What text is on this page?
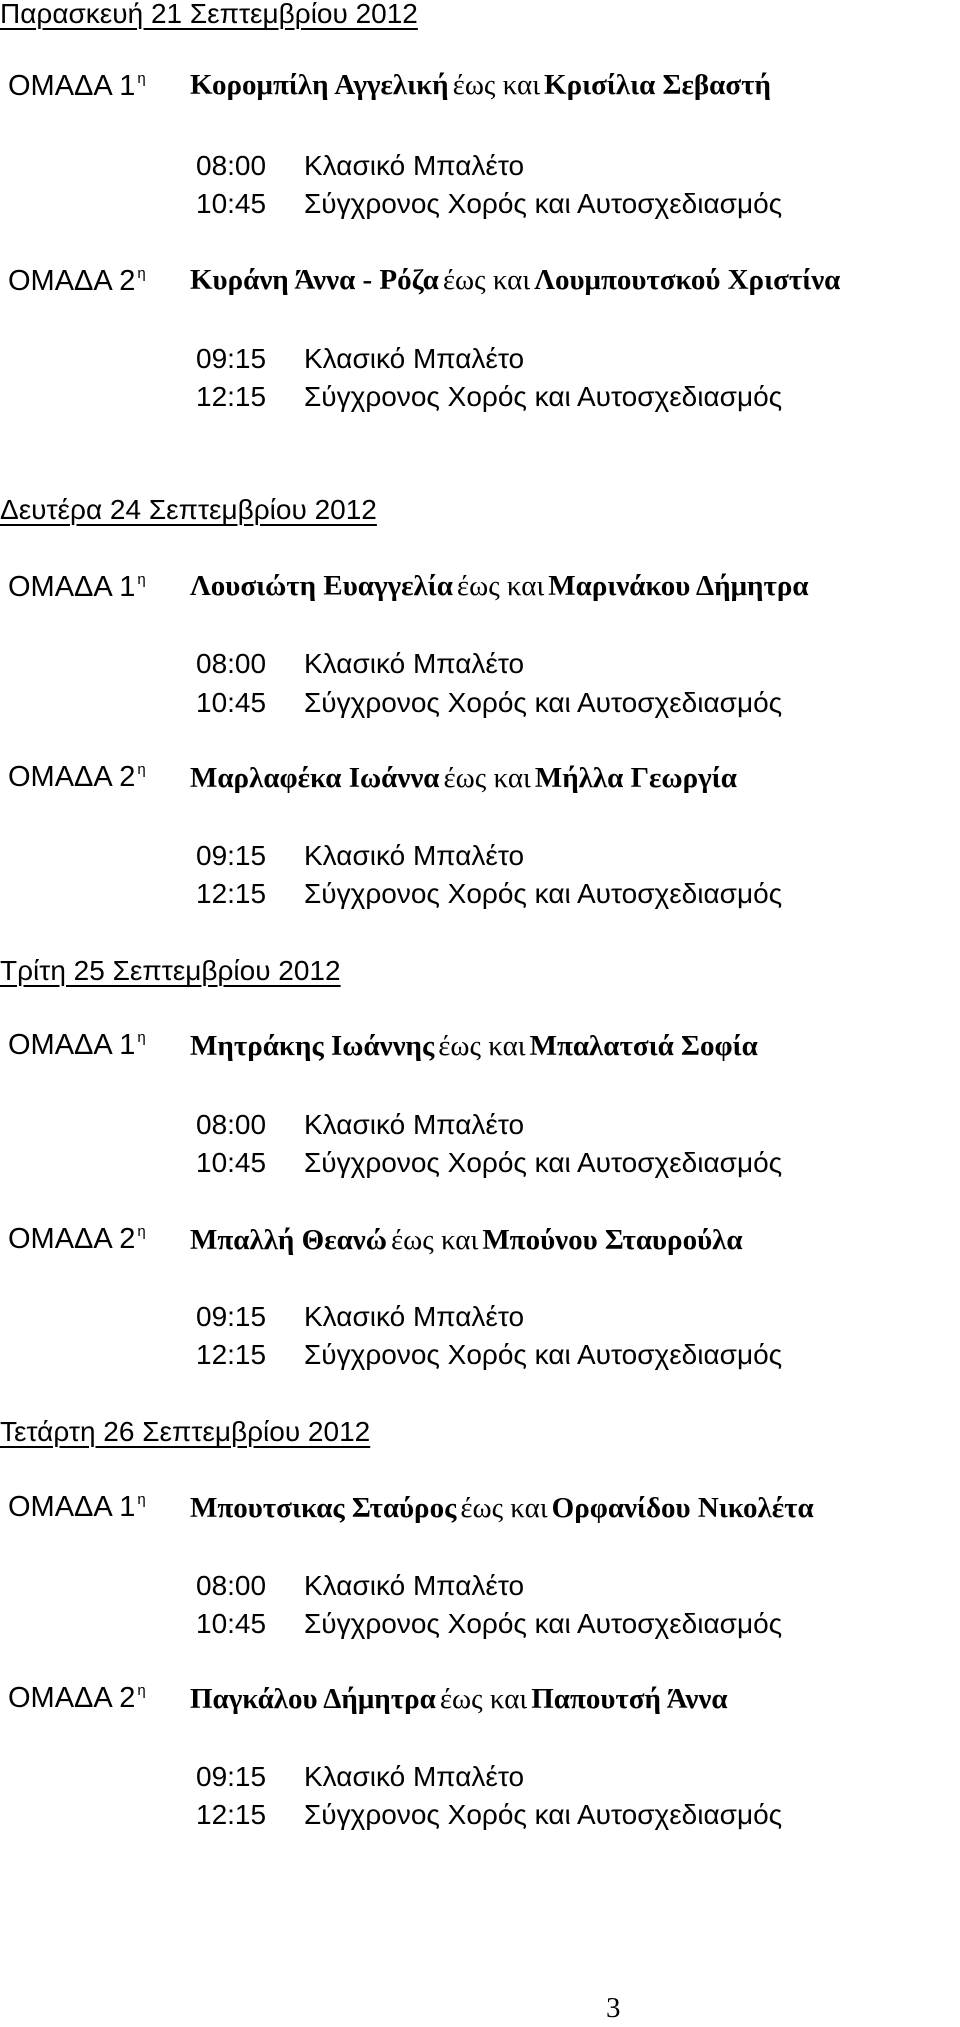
Παρασκευή 21 Σεπτεμβρίου 2012
ΟΜΑΔΑ 1 $^\eta$ Κορομπίλη Αγγελική έως και Κρισίλια Σεβαστή
08:00 Κλασικό Μπαλέτο
10:45 Σύγχρονος Χορός και Αυτοσχεδιασμός
ΟΜΑΔΑ 2 $^\eta$ Κυράνη Άννα - Ρόζα έως και Λουμπουτσκού Χριστίνα
09:15 Κλασικό Μπαλέτο
12:15 Σύγχρονος Χορός και Αυτοσχεδιασμός
Δευτέρα 24 Σεπτεμβρίου 2012
ΟΜΑΔΑ 1 $^\eta$ Λουσιώτη Ευαγγελία έως και Μαρινάκου Δήμητρα
08:00 Κλασικό Μπαλέτο
10:45 Σύγχρονος Χορός και Αυτοσχεδιασμός
ΟΜΑΔΑ 2 $^\eta$ Μαρλαφέκα Ιωάννα έως και Μήλλα Γεωργία
09:15 Κλασικό Μπαλέτο
12:15 Σύγχρονος Χορός και Αυτοσχεδιασμός
Τρίτη 25 Σεπτεμβρίου 2012
ΟΜΑΔΑ 1 $^\eta$ Μητράκης Ιωάννης έως και Μπαλατσιά Σοφία
08:00 Κλασικό Μπαλέτο
10:45 Σύγχρονος Χορός και Αυτοσχεδιασμός
ΟΜΑΔΑ 2 $^\eta$ Μπαλλή Θεανώ έως και Μπούνου Σταυρούλα
09:15 Κλασικό Μπαλέτο
12:15 Σύγχρονος Χορός και Αυτοσχεδιασμός
Τετάρτη 26 Σεπτεμβρίου 2012
ΟΜΑΔΑ 1 $^\eta$ Μπουτσικας Σταύρος έως και Ορφανίδου Νικολέτα
08:00 Κλασικό Μπαλέτο
10:45 Σύγχρονος Χορός και Αυτοσχεδιασμός
ΟΜΑΔΑ 2 $^\eta$ Παγκάλου Δήμητρα έως και Παπουτσή Άννα
09:15 Κλασικό Μπαλέτο
12:15 Σύγχρονος Χορός και Αυτοσχεδιασμός
3
